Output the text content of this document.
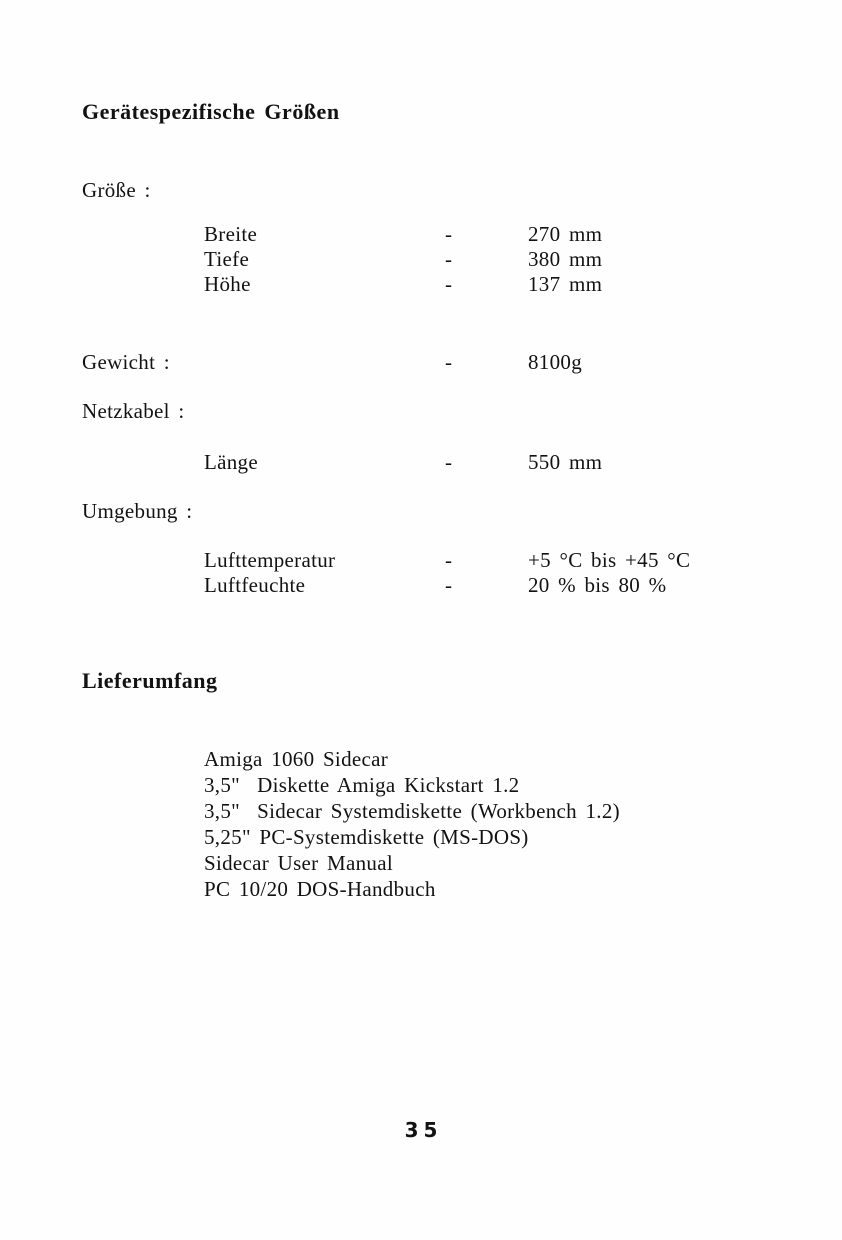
Gerätespezifische Größen
Größe :
Breite	-	270 mm
Tiefe	-	380 mm
Höhe	-	137 mm
Gewicht :	-	8100g
Netzkabel :
Länge	-	550 mm
Umgebung :
Lufttemperatur	-	+5 °C bis +45 °C
Luftfeuchte	-	20 % bis 80 %
Lieferumfang
Amiga 1060 Sidecar
3,5"  Diskette Amiga Kickstart 1.2
3,5"  Sidecar Systemdiskette (Workbench 1.2)
5,25" PC-Systemdiskette (MS-DOS)
Sidecar User Manual
PC 10/20 DOS-Handbuch
35
